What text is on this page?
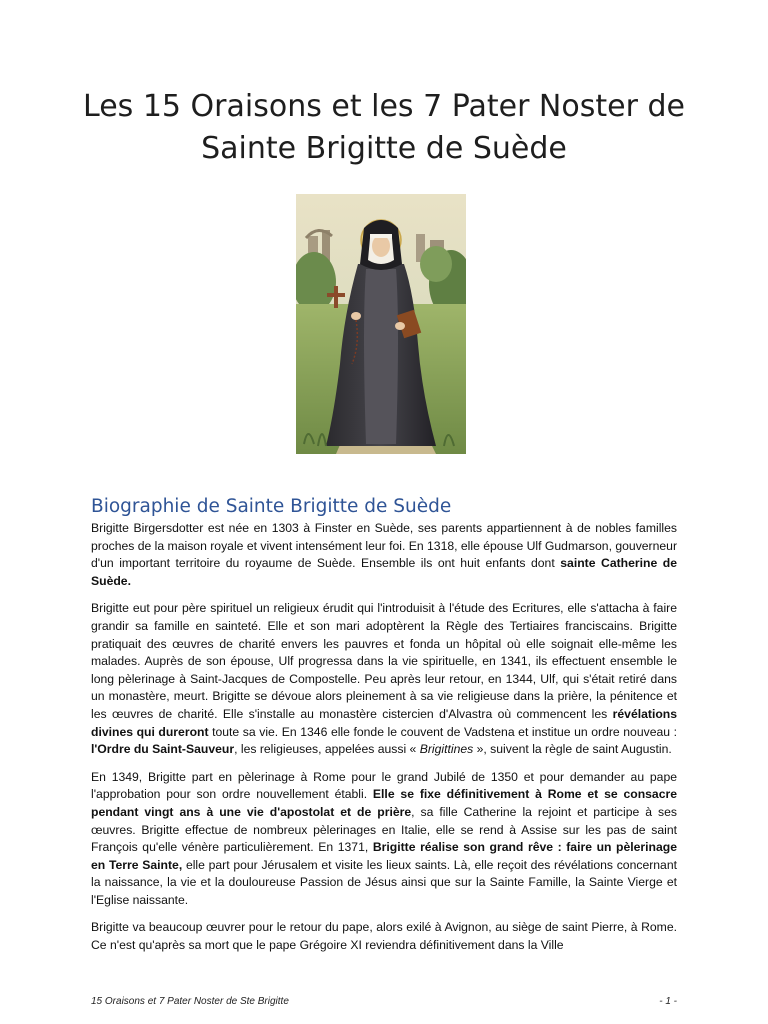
Les 15 Oraisons et les 7 Pater Noster de
Sainte Brigitte de Suède
Biographie de Sainte Brigitte de Suède

Brigitte Birgersdotter est née en 1303 à Finster en Suède, ses parents appartiennent à de nobles familles proches de la maison royale et vivent intensément leur foi. En 1318, elle épouse Ulf Gudmarson, gouverneur d'un important territoire du royaume de Suède. Ensemble ils ont huit enfants dont sainte Catherine de Suède.

Brigitte eut pour père spirituel un religieux érudit qui l'introduisit à l'étude des Ecritures, elle s'attacha à faire grandir sa famille en sainteté. Elle et son mari adoptèrent la Règle des Tertiaires franciscains. Brigitte pratiquait des œuvres de charité envers les pauvres et fonda un hôpital où elle soignait elle-même les malades. Auprès de son épouse, Ulf progressa dans la vie spirituelle, en 1341, ils effectuent ensemble le long pèlerinage à Saint-Jacques de Compostelle. Peu après leur retour, en 1344, Ulf, qui s'était retiré dans un monastère, meurt. Brigitte se dévoue alors pleinement à sa vie religieuse dans la prière, la pénitence et les œuvres de charité. Elle s'installe au monastère cistercien d'Alvastra où commencent les révélations divines qui dureront toute sa vie. En 1346 elle fonde le couvent de Vadstena et institue un ordre nouveau : l'Ordre du Saint-Sauveur, les religieuses, appelées aussi « Brigittines », suivent la règle de saint Augustin.

En 1349, Brigitte part en pèlerinage à Rome pour le grand Jubilé de 1350 et pour demander au pape l'approbation pour son ordre nouvellement établi. Elle se fixe définitivement à Rome et se consacre pendant vingt ans à une vie d'apostolat et de prière, sa fille Catherine la rejoint et participe à ses œuvres. Brigitte effectue de nombreux pèlerinages en Italie, elle se rend à Assise sur les pas de saint François qu'elle vénère particulièrement. En 1371, Brigitte réalise son grand rêve : faire un pèlerinage en Terre Sainte, elle part pour Jérusalem et visite les lieux saints. Là, elle reçoit des révélations concernant la naissance, la vie et la douloureuse Passion de Jésus ainsi que sur la Sainte Famille, la Sainte Vierge et l'Eglise naissante.

Brigitte va beaucoup œuvrer pour le retour du pape, alors exilé à Avignon, au siège de saint Pierre, à Rome. Ce n'est qu'après sa mort que le pape Grégoire XI reviendra définitivement dans la Ville

15 Oraisons et 7 Pater Noster de Ste Brigitte	- 1 -
